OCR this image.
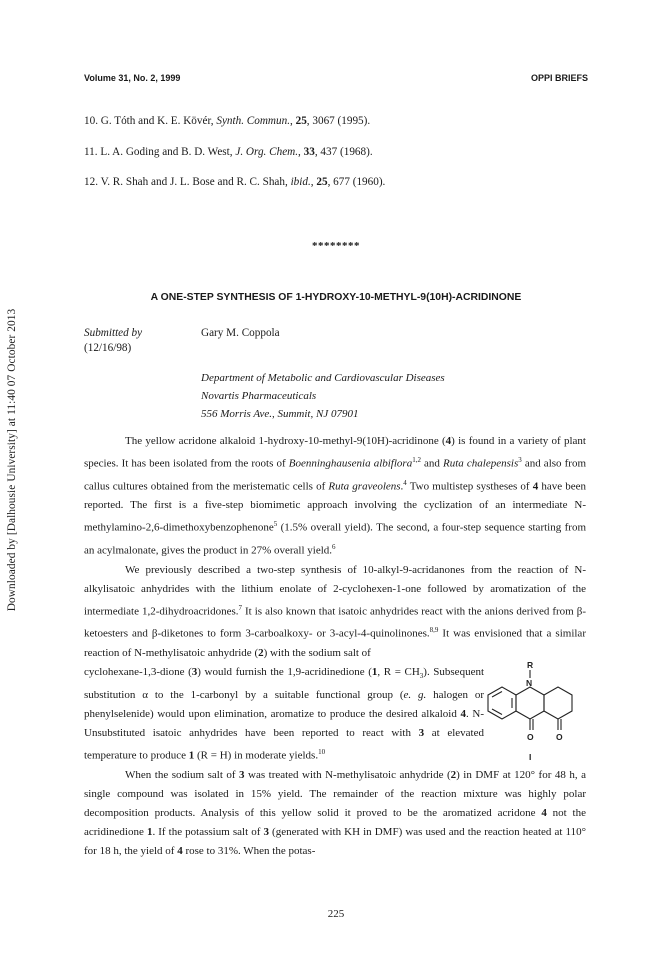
Downloaded by [Dalhousie University] at 11:40 07 October 2013
Volume 31, No. 2, 1999	OPPI BRIEFS

10. G. Tóth and K. E. Kövér, Synth. Commun., 25, 3067 (1995).

11. L. A. Goding and B. D. West, J. Org. Chem., 33, 437 (1968).

12. V. R. Shah and J. L. Bose and R. C. Shah, ibid., 25, 677 (1960).

********
A ONE-STEP SYNTHESIS OF 1-HYDROXY-10-METHYL-9(10H)-ACRIDINONE
Submitted by	Gary M. Coppola
(12/16/98)
Department of Metabolic and Cardiovascular Diseases
Novartis Pharmaceuticals
556 Morris Ave., Summit, NJ 07901

The yellow acridone alkaloid 1-hydroxy-10-methyl-9(10H)-acridinone (4) is found in a variety of plant species. It has been isolated from the roots of Boenninghausenia albiflora$^{1,2}$ and Ruta chalepensis$^3$ and also from callus cultures obtained from the meristematic cells of Ruta graveolens.$^4$ Two multistep systheses of 4 have been reported. The first is a five-step biomimetic approach involving the cyclization of an intermediate N-methylamino-2,6-dimethoxybenzophenone$^5$ (1.5% overall yield). The second, a four-step sequence starting from an acylmalonate, gives the product in 27% overall yield.$^6$

We previously described a two-step synthesis of 10-alkyl-9-acridanones from the reaction of N-alkylisatoic anhydrides with the lithium enolate of 2-cyclohexen-1-one followed by aromatization of the intermediate 1,2-dihydroacridones.$^7$ It is also known that isatoic anhydrides react with the anions derived from β-ketoesters and β-diketones to form 3-carboalkoxy- or 3-acyl-4-quinolinones.$^{8,9}$ It was envisioned that a similar reaction of N-methylisatoic anhydride (2) with the sodium salt of
cyclohexane-1,3-dione (3) would furnish the 1,9-acridinedione (1, $R = CH_3$). Subsequent substitution α to the 1-carbonyl by a suitable functional group (e. g. halogen or phenylselenide) would upon elimination, aromatize to produce the desired alkaloid 4. N-Unsubstituted isatoic anhydrides have been reported to react with 3 at elevated temperature to produce 1 (R = H) in moderate yields.$^{10}$

When the sodium salt of 3 was treated with N-methylisatoic anhydride (2) in DMF at 120° for 48 h, a single compound was isolated in 15% yield. The remainder of the reaction mixture was highly polar decomposition products. Analysis of this yellow solid it proved to be the aromatized acridone 4 not the acridinedione 1. If the potassium salt of 3 (generated with KH in DMF) was used and the reaction heated at 110° for 18 h, the yield of 4 rose to 31%. When the potas-

R
N
O	O
I
225
